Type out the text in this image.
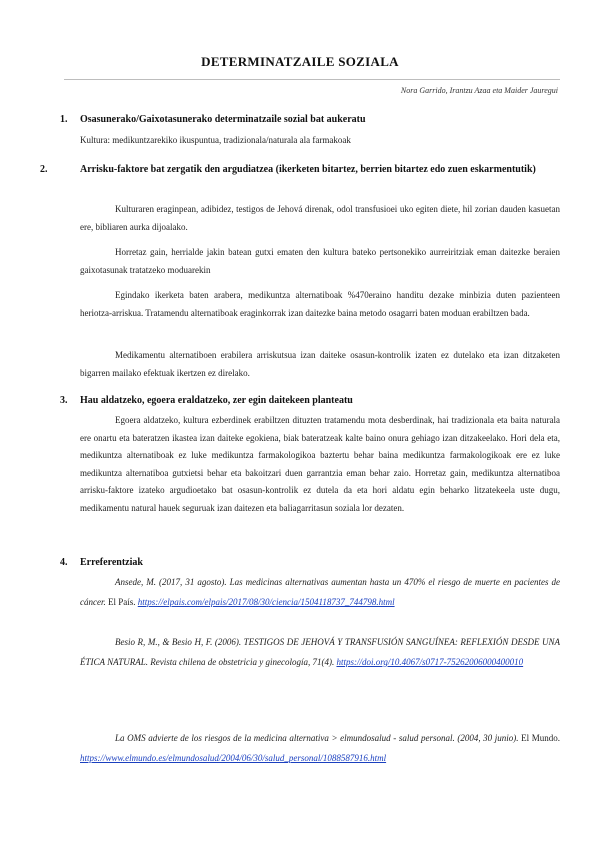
DETERMINATZAILE SOZIALA
Nora Garrido, Irantzu Azaa eta Maider Jauregui
1. Osasunerako/Gaixotasunerako determinatzaile sozial bat aukeratu
Kultura: medikuntzarekiko ikuspuntua, tradizionala/naturala ala farmakoak
2.	Arrisku-faktore bat zergatik den argudiatzea (ikerketen bitartez, berrien bitartez edo zuen eskarmentutik)
Kulturaren eraginpean, adibidez, testigos de Jehová direnak, odol transfusioei uko egiten diete, hil zorian dauden kasuetan ere, bibliaren aurka dijoalako.
Horretaz gain, herrialde jakin batean gutxi ematen den kultura bateko pertsonekiko aurreiritziak eman daitezke beraien gaixotasunak tratatzeko moduarekin
Egindako ikerketa baten arabera, medikuntza alternatiboak %470eraino handitu dezake minbizia duten pazienteen heriotza-arriskua. Tratamendu alternatiboak eraginkorrak izan daitezke baina metodo osagarri baten moduan erabiltzen bada.
Medikamentu alternatiboen erabilera arriskutsua izan daiteke osasun-kontrolik izaten ez dutelako eta izan ditzaketen bigarren mailako efektuak ikertzen ez direlako.
3. Hau aldatzeko, egoera eraldatzeko, zer egin daitekeen planteatu
Egoera aldatzeko, kultura ezberdinek erabiltzen dituzten tratamendu mota desberdinak, hai tradizionala eta baita naturala ere onartu eta bateratzen ikastea izan daiteke egokiena, biak bateratzeak kalte baino onura gehiago izan ditzakeelako. Hori dela eta, medikuntza alternatiboak ez luke medikuntza farmakologikoa baztertu behar baina medikuntza farmakologikoak ere ez luke medikuntza alternatiboa gutxietsi behar eta bakoitzari duen garrantzia eman behar zaio. Horretaz gain, medikuntza alternatiboa arrisku-faktore izateko argudioetako bat osasun-kontrolik ez dutela da eta hori aldatu egin beharko litzatekeela uste dugu, medikamentu natural hauek seguruak izan daitezen eta baliagarritasun soziala lor dezaten.
4. Erreferentziak
Ansede, M. (2017, 31 agosto). Las medicinas alternativas aumentan hasta un 470% el riesgo de muerte en pacientes de cáncer. El País. https://elpais.com/elpais/2017/08/30/ciencia/1504118737_744798.html
Besio R, M., & Besio H, F. (2006). TESTIGOS DE JEHOVÁ Y TRANSFUSIÓN SANGUÍNEA: REFLEXIÓN DESDE UNA ÉTICA NATURAL. Revista chilena de obstetricia y ginecología, 71(4). https://doi.org/10.4067/s0717-75262006000400010
La OMS advierte de los riesgos de la medicina alternativa > elmundosalud - salud personal. (2004, 30 junio). El Mundo. https://www.elmundo.es/elmundosalud/2004/06/30/salud_personal/1088587916.html
